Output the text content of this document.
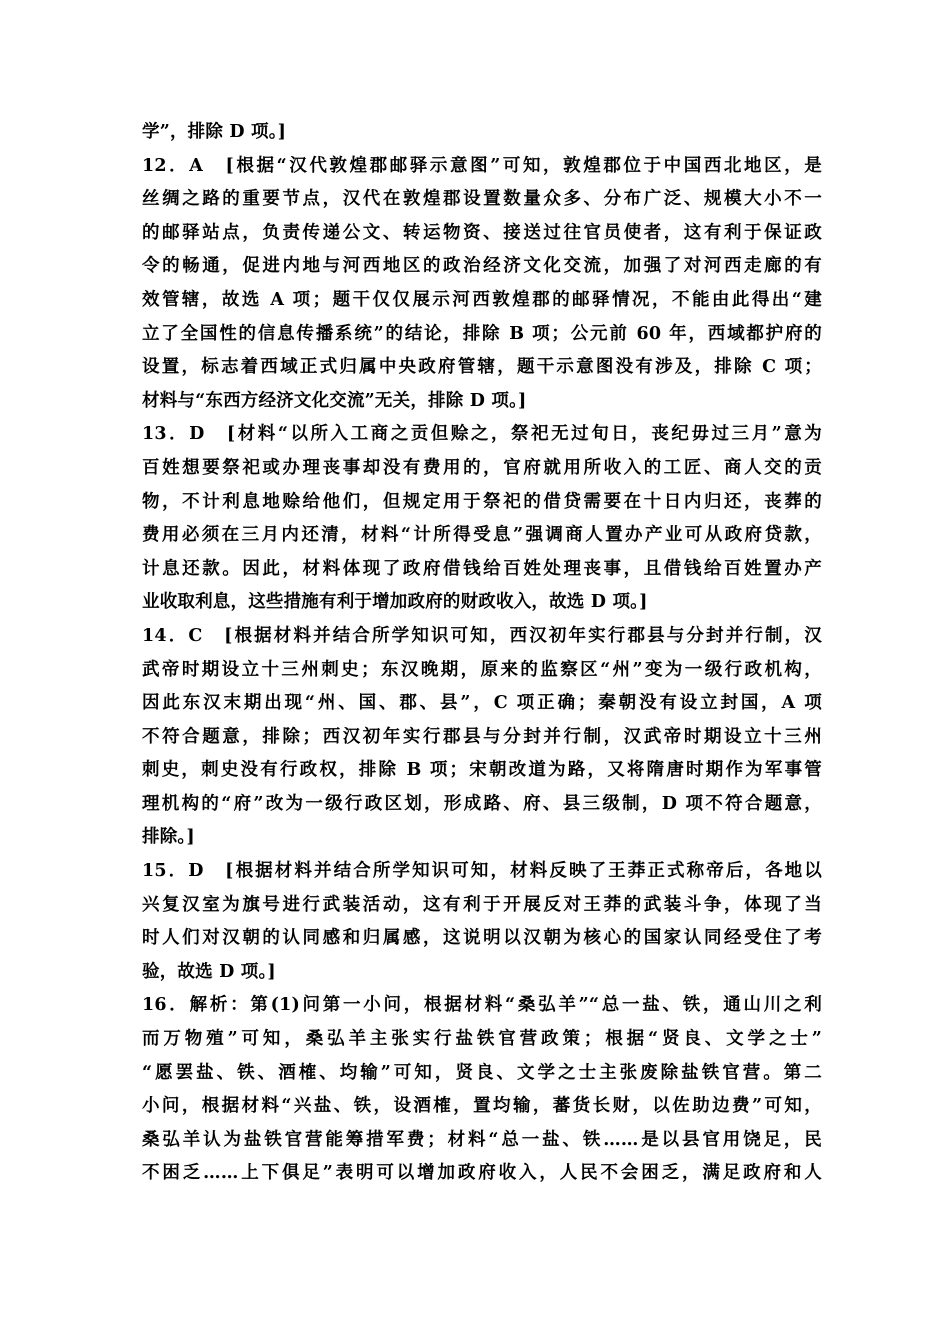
学”，排除 D 项。]
12．A　[根据“汉代敦煌郡邮驿示意图”可知，敦煌郡位于中国西北地区，是
丝绸之路的重要节点，汉代在敦煌郡设置数量众多、分布广泛、规模大小不一
的邮驿站点，负责传递公文、转运物资、接送过往官员使者，这有利于保证政
令的畅通，促进内地与河西地区的政治经济文化交流，加强了对河西走廊的有
效管辖，故选 A 项；题干仅仅展示河西敦煌郡的邮驿情况，不能由此得出“建
立了全国性的信息传播系统”的结论，排除 B 项；公元前 60 年，西域都护府的
设置，标志着西域正式归属中央政府管辖，题干示意图没有涉及，排除 C 项；
材料与“东西方经济文化交流”无关，排除 D 项。]
13．D　[材料“以所入工商之贡但赊之，祭祀无过旬日，丧纪毋过三月”意为
百姓想要祭祀或办理丧事却没有费用的，官府就用所收入的工匠、商人交的贡
物，不计利息地赊给他们，但规定用于祭祀的借贷需要在十日内归还，丧葬的
费用必须在三月内还清，材料“计所得受息”强调商人置办产业可从政府贷款，
计息还款。因此，材料体现了政府借钱给百姓处理丧事，且借钱给百姓置办产
业收取利息，这些措施有利于增加政府的财政收入，故选 D 项。]
14．C　[根据材料并结合所学知识可知，西汉初年实行郡县与分封并行制，汉
武帝时期设立十三州刺史；东汉晚期，原来的监察区“州”变为一级行政机构，
因此东汉末期出现“州、国、郡、县”，C 项正确；秦朝没有设立封国，A 项
不符合题意，排除；西汉初年实行郡县与分封并行制，汉武帝时期设立十三州
刺史，刺史没有行政权，排除 B 项；宋朝改道为路，又将隋唐时期作为军事管
理机构的“府”改为一级行政区划，形成路、府、县三级制，D 项不符合题意，
排除。]
15．D　[根据材料并结合所学知识可知，材料反映了王莽正式称帝后，各地以
兴复汉室为旗号进行武装活动，这有利于开展反对王莽的武装斗争，体现了当
时人们对汉朝的认同感和归属感，这说明以汉朝为核心的国家认同经受住了考
验，故选 D 项。]
16．解析：第(1)问第一小问，根据材料“桑弘羊”“总一盐、铁，通山川之利
而万物殖”可知，桑弘羊主张实行盐铁官营政策；根据“贤良、文学之士”
“愿罢盐、铁、酒榷、均输”可知，贤良、文学之士主张废除盐铁官营。第二
小问，根据材料“兴盐、铁，设酒榷，置均输，蕃货长财，以佐助边费”可知，
桑弘羊认为盐铁官营能筹措军费；材料“总一盐、铁……是以县官用饶足，民
不困乏……上下俱足”表明可以增加政府收入，人民不会困乏，满足政府和人
